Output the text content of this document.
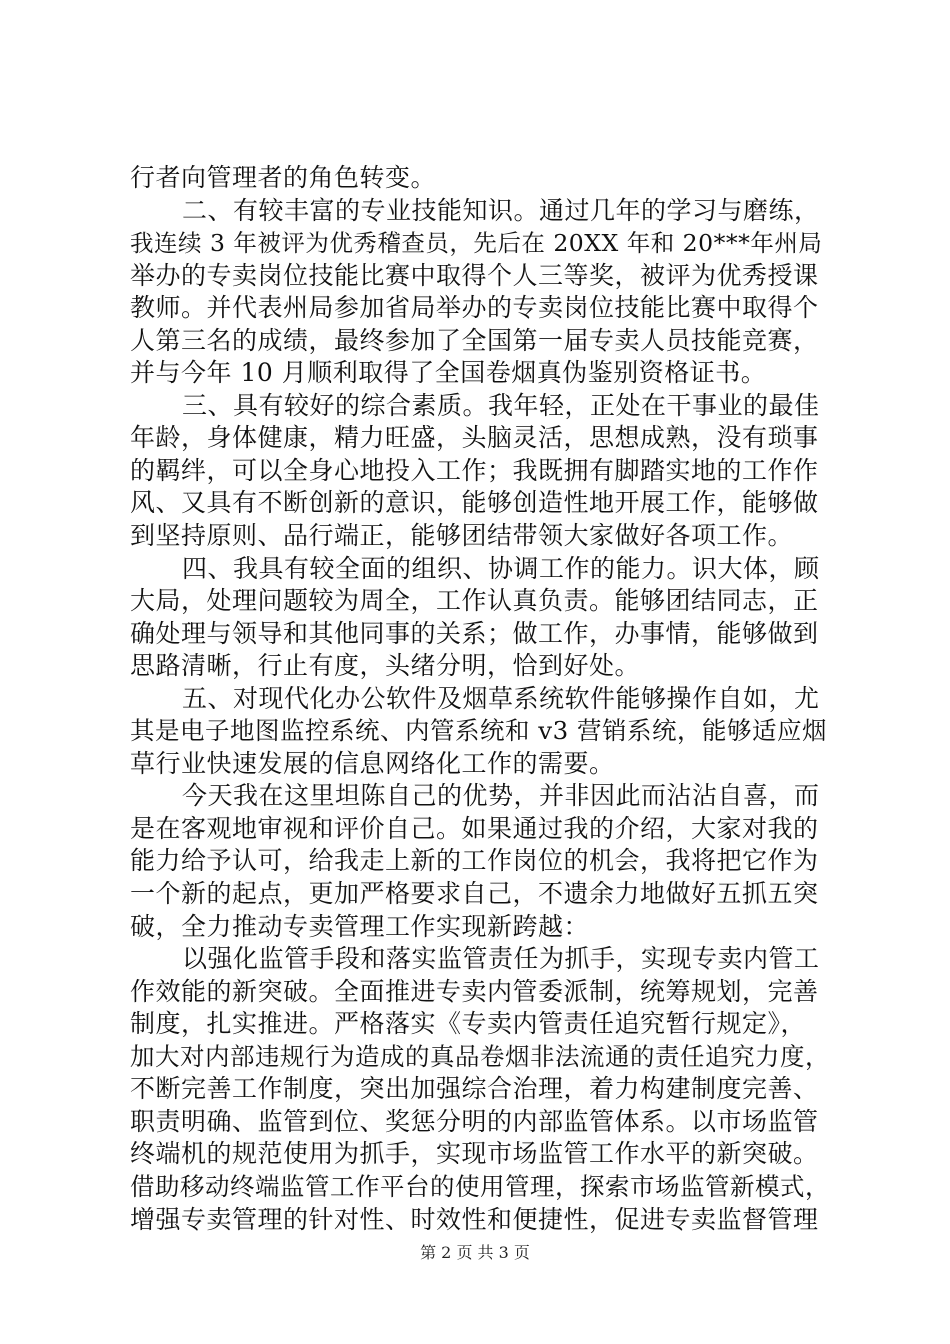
行者向管理者的角色转变。
二、有较丰富的专业技能知识。通过几年的学习与磨练，
我连续 3 年被评为优秀稽查员，先后在 20XX 年和 20***年州局
举办的专卖岗位技能比赛中取得个人三等奖，被评为优秀授课
教师。并代表州局参加省局举办的专卖岗位技能比赛中取得个
人第三名的成绩，最终参加了全国第一届专卖人员技能竞赛，
并与今年 10 月顺利取得了全国卷烟真伪鉴别资格证书。
三、具有较好的综合素质。我年轻，正处在干事业的最佳
年龄，身体健康，精力旺盛，头脑灵活，思想成熟，没有琐事
的羁绊，可以全身心地投入工作；我既拥有脚踏实地的工作作
风、又具有不断创新的意识，能够创造性地开展工作，能够做
到坚持原则、品行端正，能够团结带领大家做好各项工作。
四、我具有较全面的组织、协调工作的能力。识大体，顾
大局，处理问题较为周全，工作认真负责。能够团结同志，正
确处理与领导和其他同事的关系；做工作，办事情，能够做到
思路清晰，行止有度，头绪分明，恰到好处。
五、对现代化办公软件及烟草系统软件能够操作自如，尤
其是电子地图监控系统、内管系统和 v3 营销系统，能够适应烟
草行业快速发展的信息网络化工作的需要。
今天我在这里坦陈自己的优势，并非因此而沾沾自喜，而
是在客观地审视和评价自己。如果通过我的介绍，大家对我的
能力给予认可，给我走上新的工作岗位的机会，我将把它作为
一个新的起点，更加严格要求自己，不遗余力地做好五抓五突
破，全力推动专卖管理工作实现新跨越：
以强化监管手段和落实监管责任为抓手，实现专卖内管工
作效能的新突破。全面推进专卖内管委派制，统筹规划，完善
制度，扎实推进。严格落实《专卖内管责任追究暂行规定》，
加大对内部违规行为造成的真品卷烟非法流通的责任追究力度，
不断完善工作制度，突出加强综合治理，着力构建制度完善、
职责明确、监管到位、奖惩分明的内部监管体系。以市场监管
终端机的规范使用为抓手，实现市场监管工作水平的新突破。
借助移动终端监管工作平台的使用管理，探索市场监管新模式，
增强专卖管理的针对性、时效性和便捷性，促进专卖监督管理
第 2 页 共 3 页
